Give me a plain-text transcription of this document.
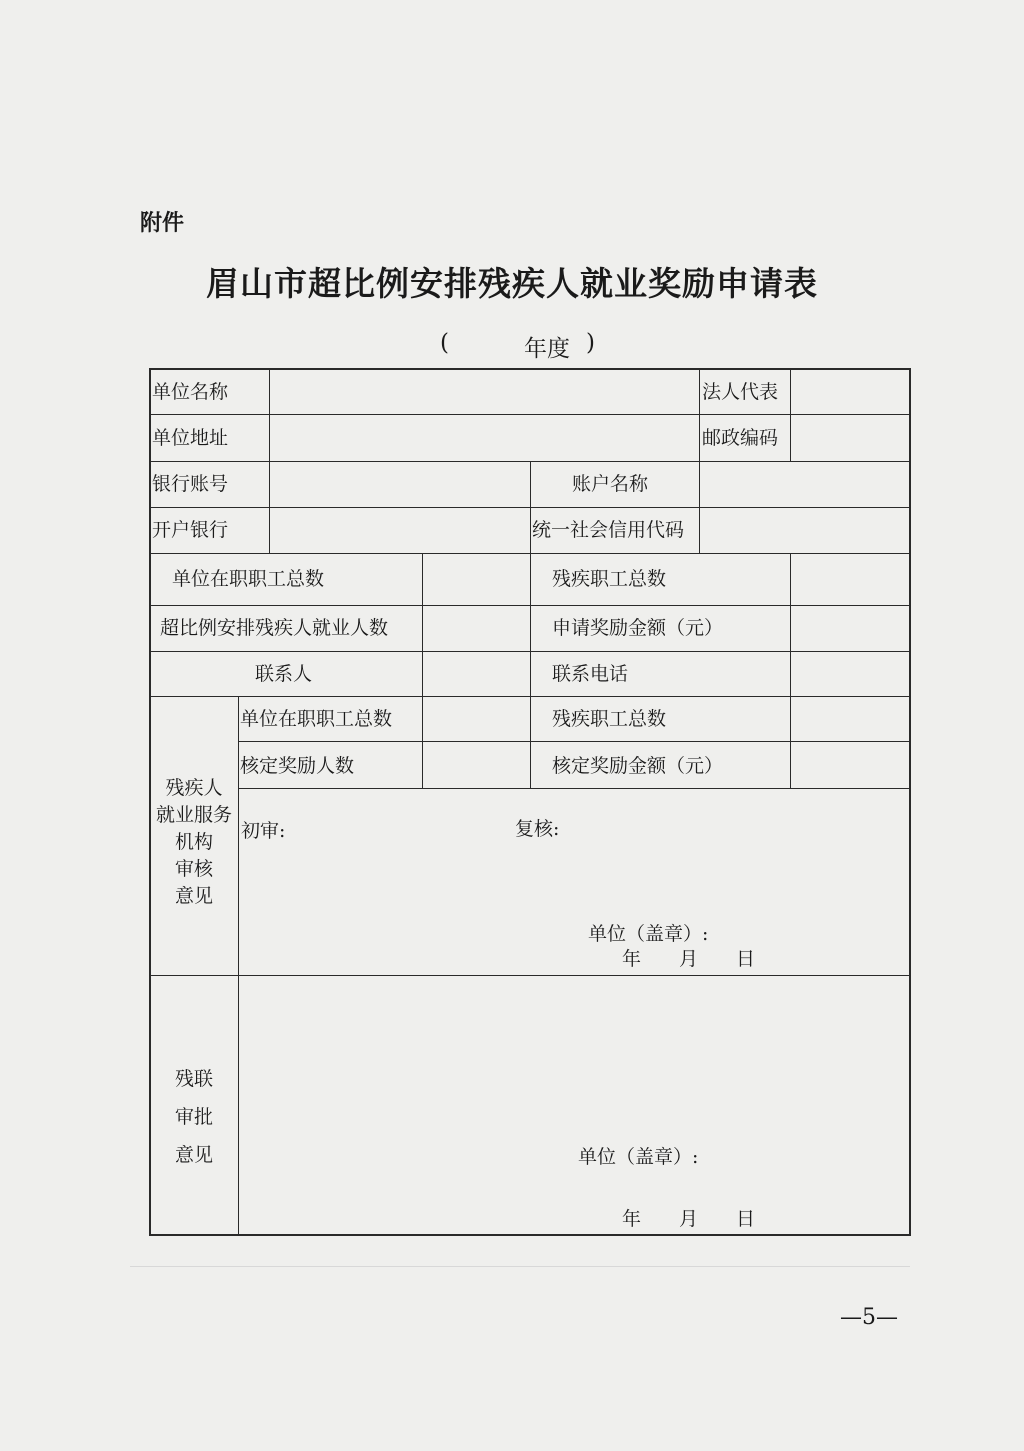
附件
眉山市超比例安排残疾人就业奖励申请表
(	年度 )
单位名称	法人代表
单位地址	邮政编码
银行账号	账户名称
开户银行	统一社会信用代码
单位在职职工总数	残疾职工总数
超比例安排残疾人就业人数	申请奖励金额（元）
联系人	联系电话
单位在职职工总数	残疾职工总数
核定奖励人数	核定奖励金额（元）
残疾人
就业服务
机构
审核
意见
初审:	复核:
单位（盖章）:
年　　月　　日
残联
审批
意见	单位（盖章）:
年　　月　　日
—5—
